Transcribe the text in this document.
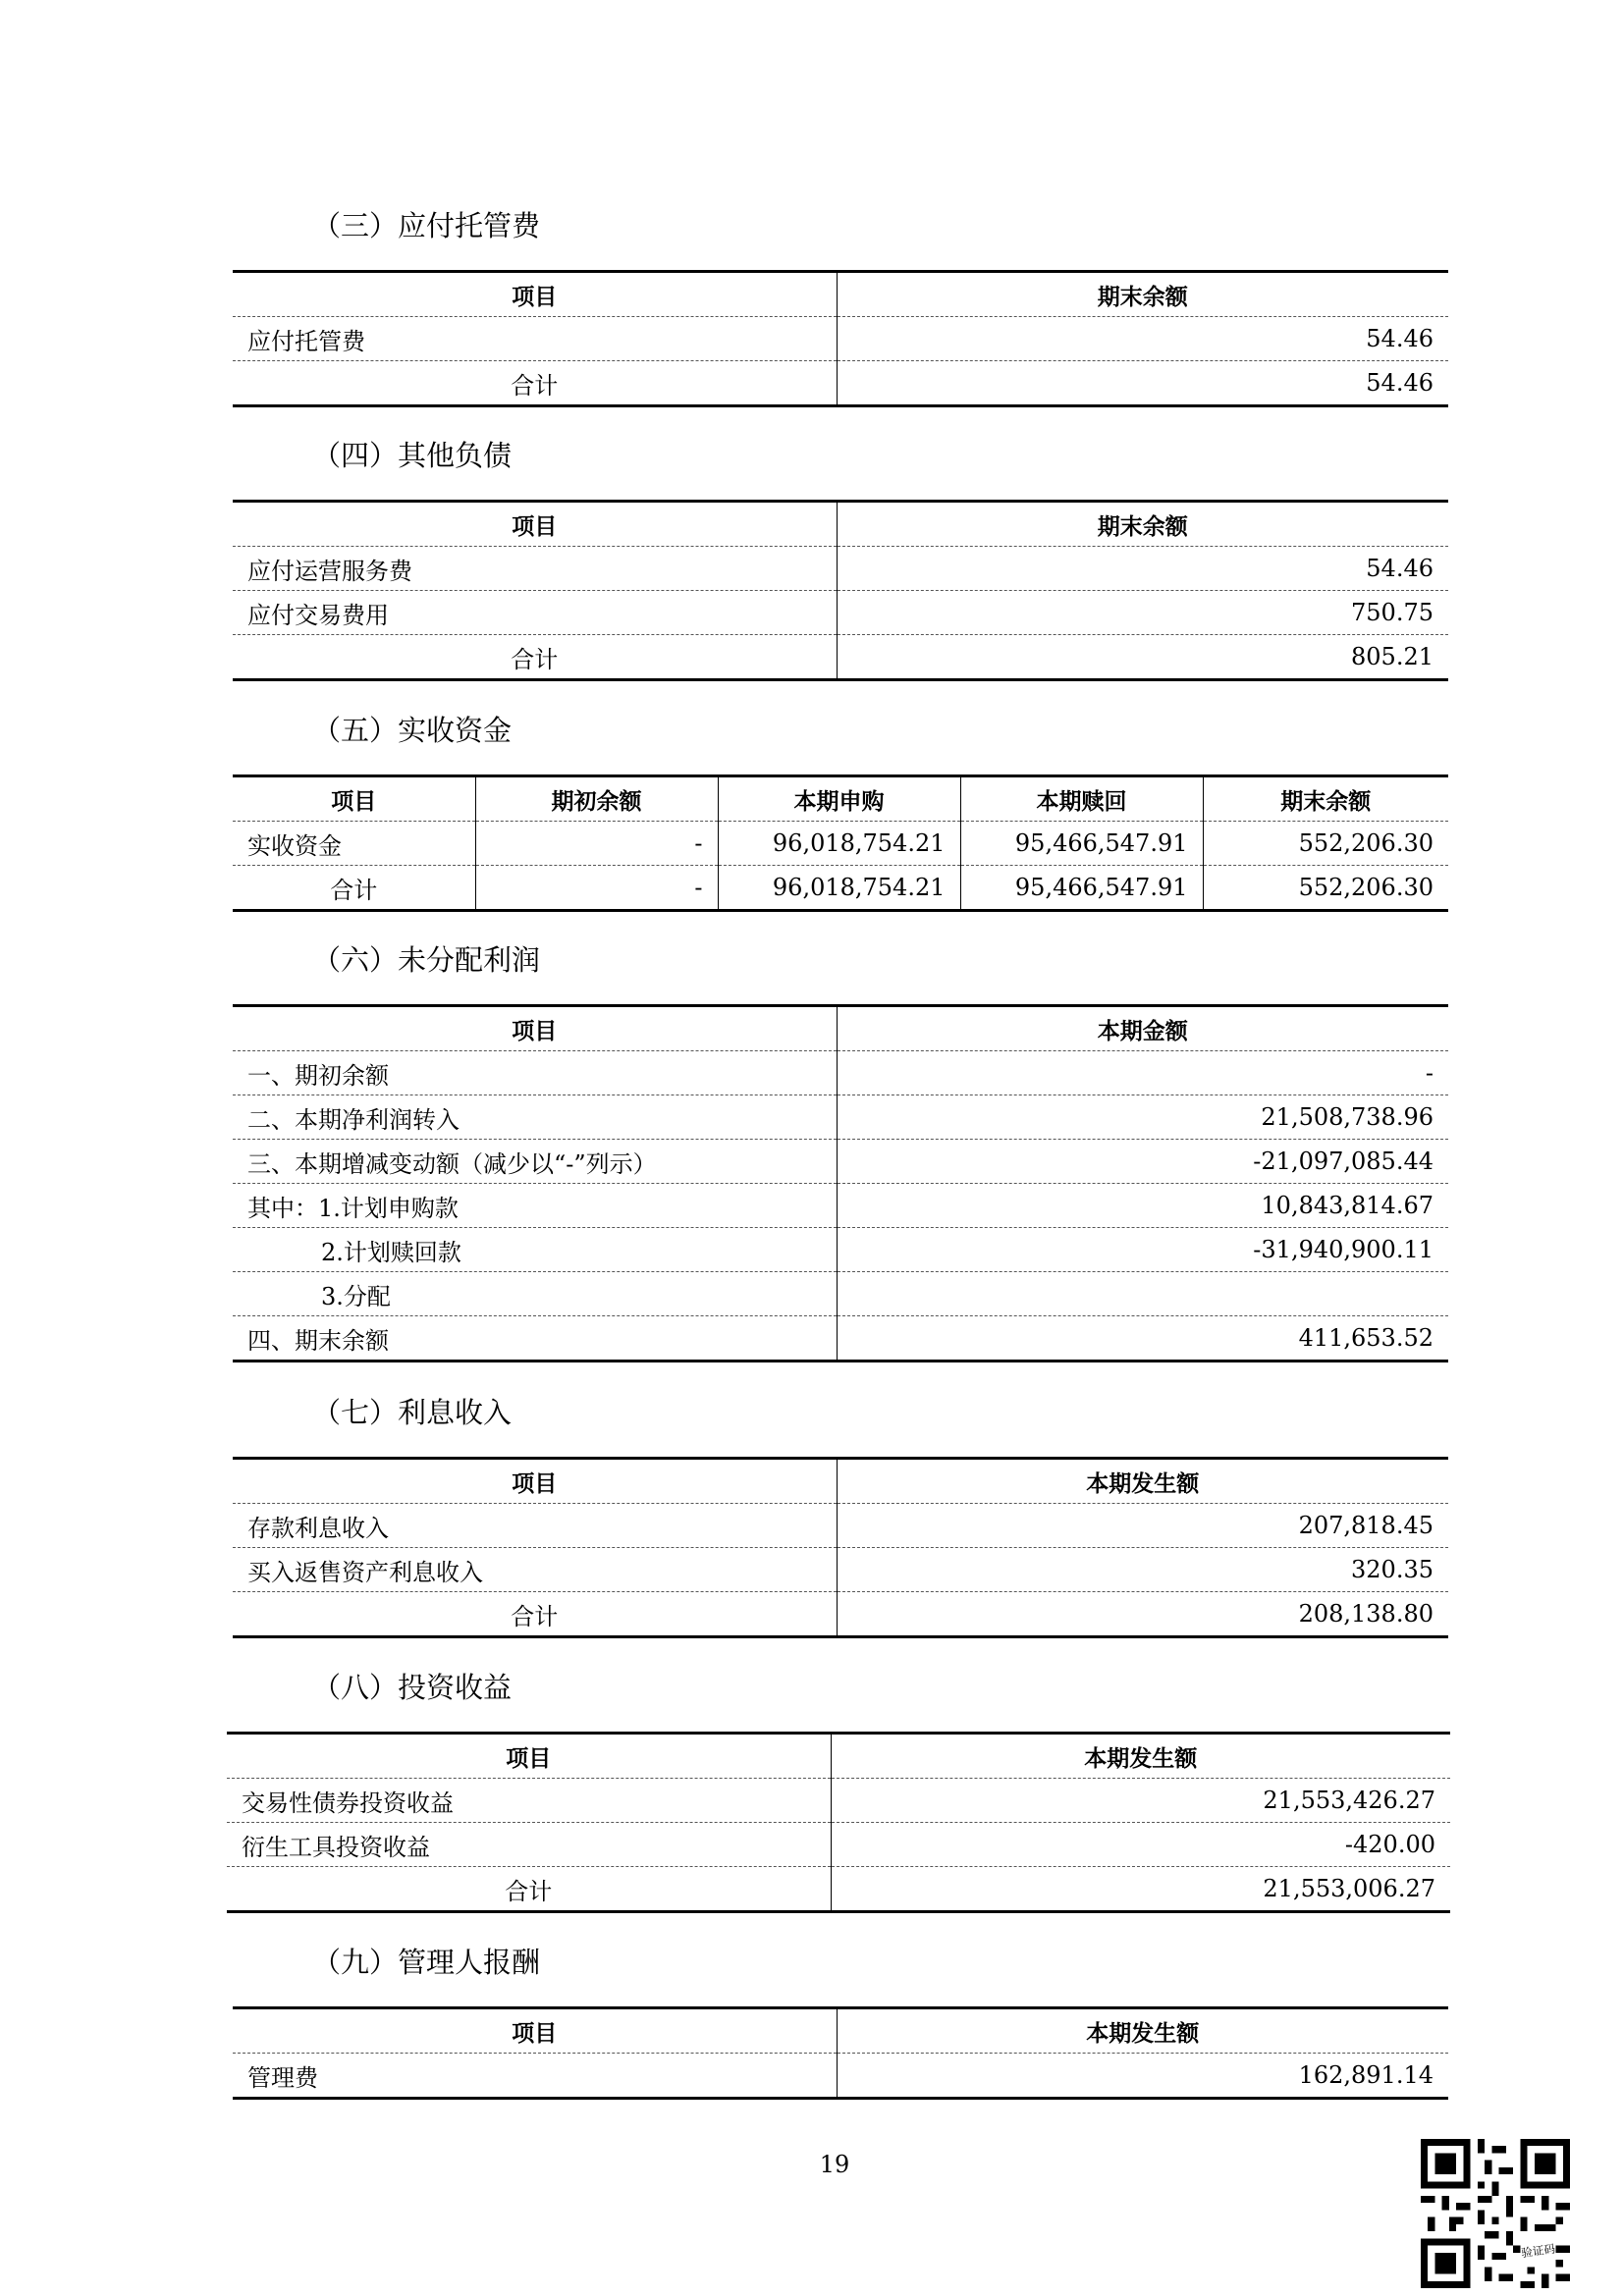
（三）应付托管费
项目	期末余额
应付托管费	54.46
合计	54.46
（四）其他负债
项目	期末余额
应付运营服务费	54.46
应付交易费用	750.75
合计	805.21
（五）实收资金
项目	期初余额	本期申购	本期赎回	期末余额
实收资金	-	96,018,754.21	95,466,547.91	552,206.30
合计	-	96,018,754.21	95,466,547.91	552,206.30
（六）未分配利润
项目	本期金额
一、期初余额	-
二、本期净利润转入	21,508,738.96
三、本期增减变动额（减少以“-”列示）	-21,097,085.44
其中：1.计划申购款	10,843,814.67
2.计划赎回款	-31,940,900.11
3.分配	
四、期末余额	411,653.52
（七）利息收入
项目	本期发生额
存款利息收入	207,818.45
买入返售资产利息收入	320.35
合计	208,138.80
（八）投资收益
项目	本期发生额
交易性债券投资收益	21,553,426.27
衍生工具投资收益	-420.00
合计	21,553,006.27
（九）管理人报酬
项目	本期发生额
管理费	162,891.14
19
验证码
